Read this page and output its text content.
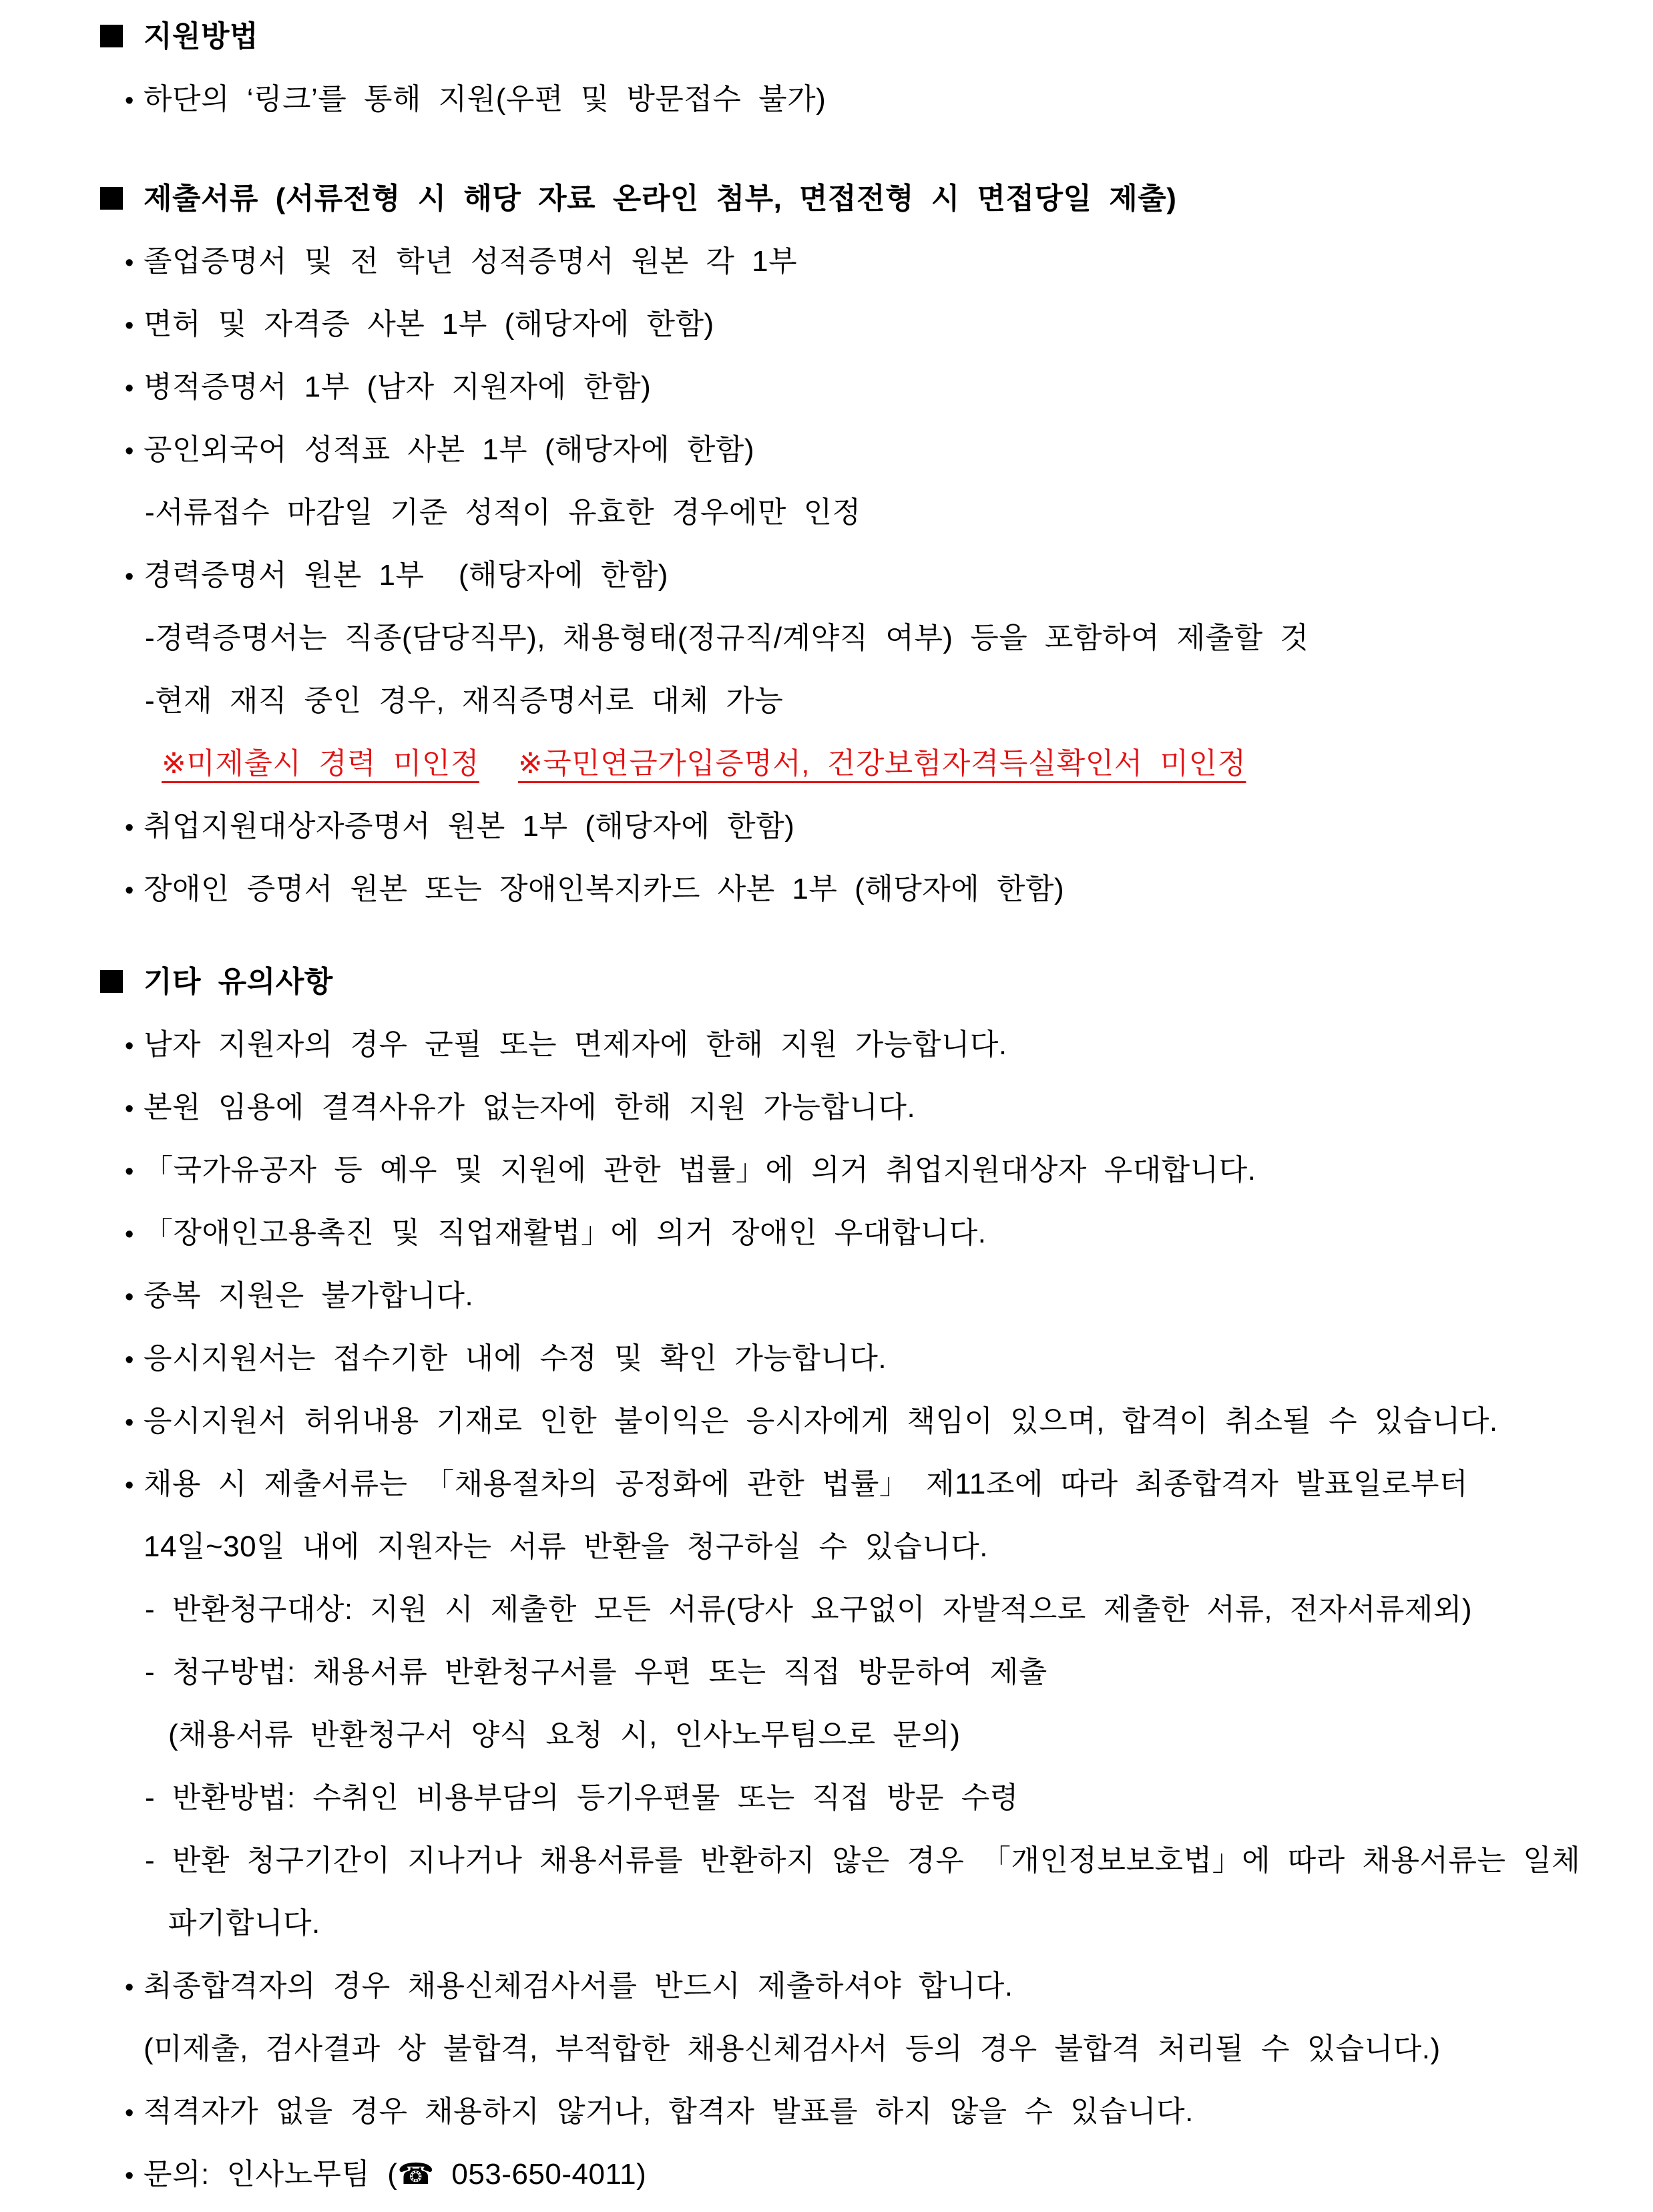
지원방법
• 하단의 ‘링크’를 통해 지원(우편 및 방문접수 불가)
제출서류 (서류전형 시 해당 자료 온라인 첨부, 면접전형 시 면접당일 제출)
• 졸업증명서 및 전 학년 성적증명서 원본 각 1부
• 면허 및 자격증 사본 1부 (해당자에 한함)
• 병적증명서 1부 (남자 지원자에 한함)
• 공인외국어 성적표 사본 1부 (해당자에 한함)
-서류접수 마감일 기준 성적이 유효한 경우에만 인정
• 경력증명서 원본 1부  (해당자에 한함)
-경력증명서는 직종(담당직무), 채용형태(정규직/계약직 여부) 등을 포함하여 제출할 것
-현재 재직 중인 경우, 재직증명서로 대체 가능
※미제출시 경력 미인정 ※국민연금가입증명서, 건강보험자격득실확인서 미인정
• 취업지원대상자증명서 원본 1부 (해당자에 한함)
• 장애인 증명서 원본 또는 장애인복지카드 사본 1부 (해당자에 한함)
기타 유의사항
• 남자 지원자의 경우 군필 또는 면제자에 한해 지원 가능합니다.
• 본원 임용에 결격사유가 없는자에 한해 지원 가능합니다.
• 「국가유공자 등 예우 및 지원에 관한 법률」에 의거 취업지원대상자 우대합니다.
• 「장애인고용촉진 및 직업재활법」에 의거 장애인 우대합니다.
• 중복 지원은 불가합니다.
• 응시지원서는 접수기한 내에 수정 및 확인 가능합니다.
• 응시지원서 허위내용 기재로 인한 불이익은 응시자에게 책임이 있으며, 합격이 취소될 수 있습니다.
• 채용 시 제출서류는 「채용절차의 공정화에 관한 법률」 제11조에 따라 최종합격자 발표일로부터
14일~30일 내에 지원자는 서류 반환을 청구하실 수 있습니다.
- 반환청구대상: 지원 시 제출한 모든 서류(당사 요구없이 자발적으로 제출한 서류, 전자서류제외)
- 청구방법: 채용서류 반환청구서를 우편 또는 직접 방문하여 제출
(채용서류 반환청구서 양식 요청 시, 인사노무팀으로 문의)
- 반환방법: 수취인 비용부담의 등기우편물 또는 직접 방문 수령
- 반환 청구기간이 지나거나 채용서류를 반환하지 않은 경우 「개인정보보호법」에 따라 채용서류는 일체
파기합니다.
• 최종합격자의 경우 채용신체검사서를 반드시 제출하셔야 합니다.
(미제출, 검사결과 상 불합격, 부적합한 채용신체검사서 등의 경우 불합격 처리될 수 있습니다.)
• 적격자가 없을 경우 채용하지 않거나, 합격자 발표를 하지 않을 수 있습니다.
• 문의: 인사노무팀 (☎ 053-650-4011)
